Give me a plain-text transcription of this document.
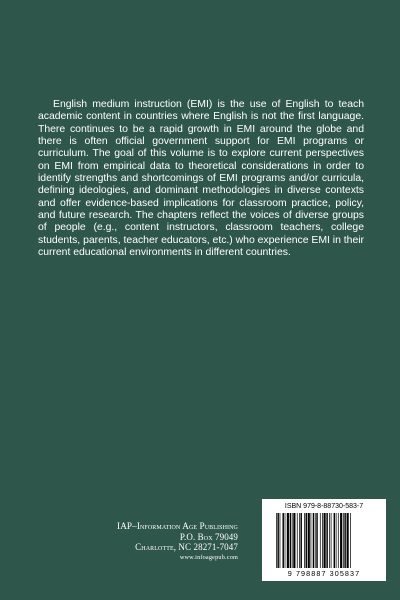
English medium instruction (EMI) is the use of English to teach academic content in countries where English is not the first language. There continues to be a rapid growth in EMI around the globe and there is often official government support for EMI programs or curriculum. The goal of this volume is to explore current perspectives on EMI from empirical data to theoretical considerations in order to identify strengths and shortcomings of EMI programs and/or curricula, defining ideologies, and dominant methodologies in diverse contexts and offer evidence-based implications for classroom practice, policy, and future research. The chapters reflect the voices of diverse groups of people (e.g., content instructors, classroom teachers, college students, parents, teacher educators, etc.) who experience EMI in their current educational environments in different countries.

IAP–Information Age Publishing
P.O. Box 79049
Charlotte, NC 28271-7047
www.infoagepub.com
ISBN 979-8-88730-583-7
9 798887 305837
